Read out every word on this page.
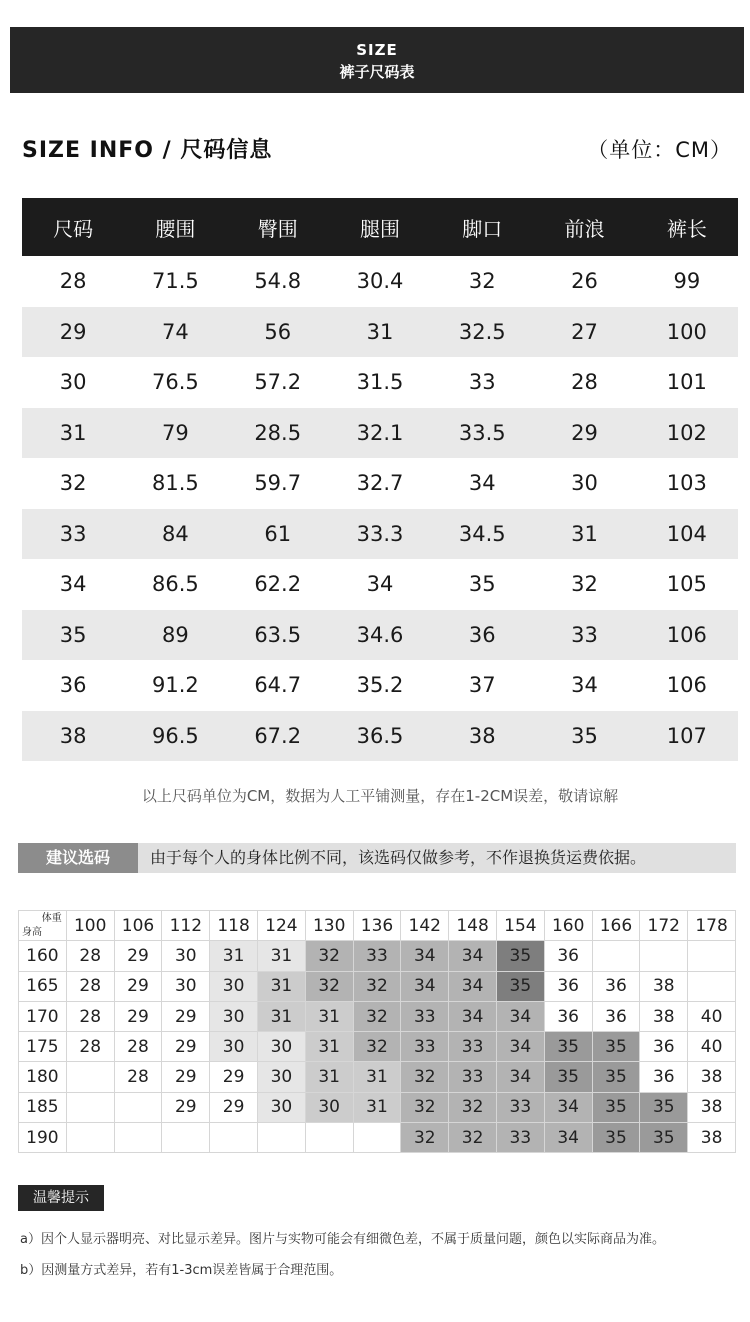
SIZE
裤子尺码表
SIZE INFO / 尺码信息	（单位：CM）
尺码	腰围	臀围	腿围	脚口	前浪	裤长
28	71.5	54.8	30.4	32	26	99
29	74	56	31	32.5	27	100
30	76.5	57.2	31.5	33	28	101
31	79	28.5	32.1	33.5	29	102
32	81.5	59.7	32.7	34	30	103
33	84	61	33.3	34.5	31	104
34	86.5	62.2	34	35	32	105
35	89	63.5	34.6	36	33	106
36	91.2	64.7	35.2	37	34	106
38	96.5	67.2	36.5	38	35	107
以上尺码单位为CM，数据为人工平铺测量，存在1-2CM误差，敬请谅解
建议选码	由于每个人的身体比例不同，该选码仅做参考，不作退换货运费依据。
体重
身高	100	106	112	118	124	130	136	142	148	154	160	166	172	178
160	28	29	30	31	31	32	33	34	34	35	36			
165	28	29	30	30	31	32	32	34	34	35	36	36	38	
170	28	29	29	30	31	31	32	33	34	34	36	36	38	40
175	28	28	29	30	30	31	32	33	33	34	35	35	36	40
180		28	29	29	30	31	31	32	33	34	35	35	36	38
185			29	29	30	30	31	32	32	33	34	35	35	38
190								32	32	33	34	35	35	38
温馨提示
a）因个人显示器明亮、对比显示差异。图片与实物可能会有细微色差，不属于质量问题，颜色以实际商品为准。
b）因测量方式差异，若有1-3cm误差皆属于合理范围。
